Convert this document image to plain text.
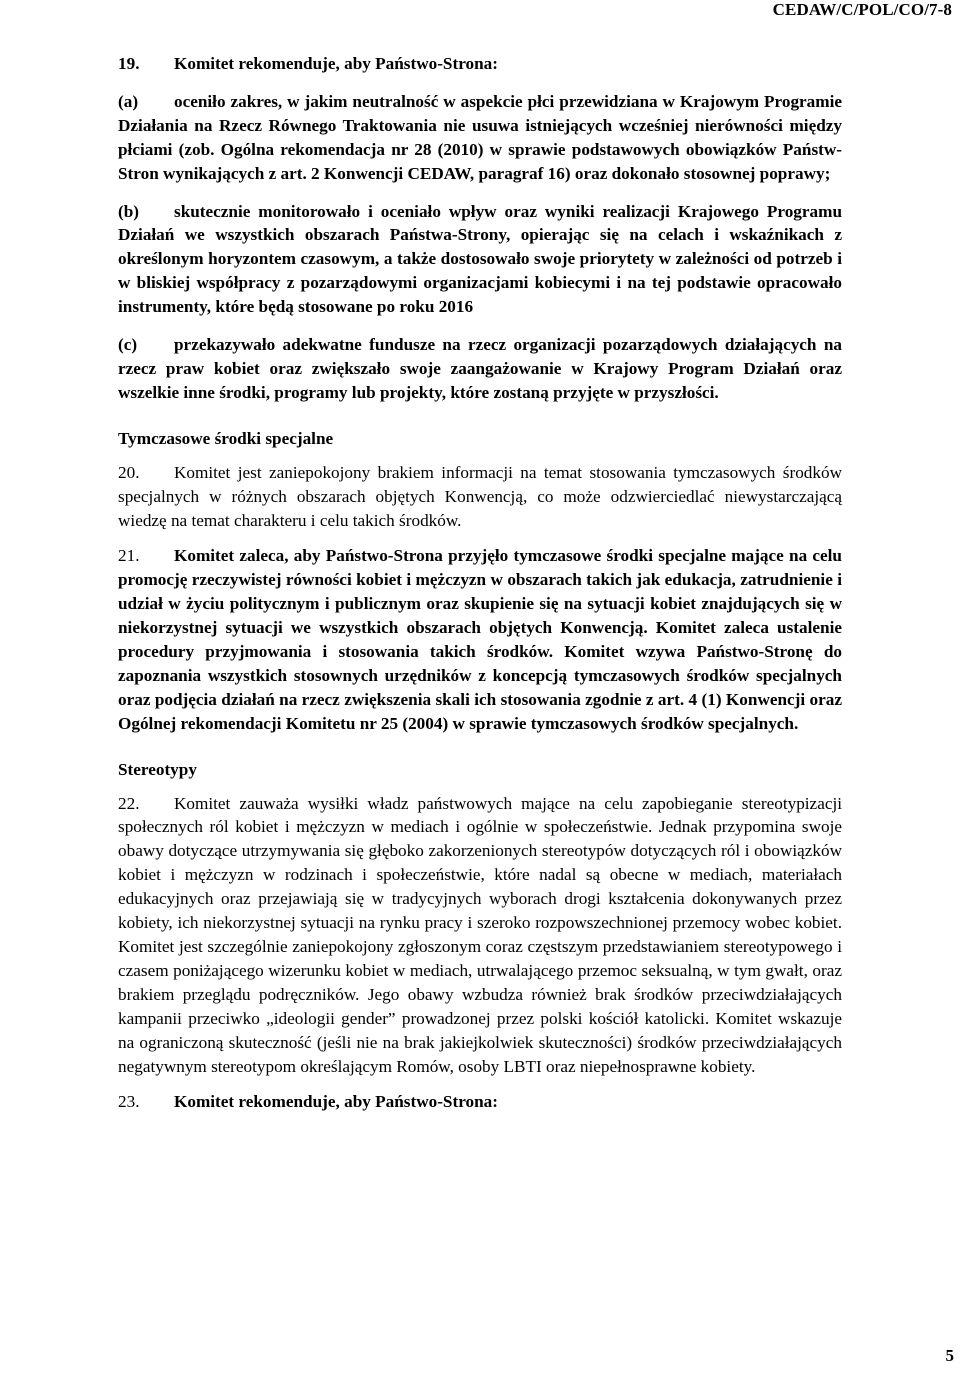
CEDAW/C/POL/CO/7-8

19. Komitet rekomenduje, aby Państwo-Strona:

(a) oceniło zakres, w jakim neutralność w aspekcie płci przewidziana w Krajowym Programie Działania na Rzecz Równego Traktowania nie usuwa istniejących wcześniej nierówności między płciami (zob. Ogólna rekomendacja nr 28 (2010) w sprawie podstawowych obowiązków Państw-Stron wynikających z art. 2 Konwencji CEDAW, paragraf 16) oraz dokonało stosownej poprawy;

(b) skutecznie monitorowało i oceniało wpływ oraz wyniki realizacji Krajowego Programu Działań we wszystkich obszarach Państwa-Strony, opierając się na celach i wskaźnikach z określonym horyzontem czasowym, a także dostosowało swoje priorytety w zależności od potrzeb i w bliskiej współpracy z pozarządowymi organizacjami kobiecymi i na tej podstawie opracowało instrumenty, które będą stosowane po roku 2016

(c) przekazywało adekwatne fundusze na rzecz organizacji pozarządowych działających na rzecz praw kobiet oraz zwiększało swoje zaangażowanie w Krajowy Program Działań oraz wszelkie inne środki, programy lub projekty, które zostaną przyjęte w przyszłości.

Tymczasowe środki specjalne

20. Komitet jest zaniepokojony brakiem informacji na temat stosowania tymczasowych środków specjalnych w różnych obszarach objętych Konwencją, co może odzwierciedlać niewystarczającą wiedzę na temat charakteru i celu takich środków.

21. Komitet zaleca, aby Państwo-Strona przyjęło tymczasowe środki specjalne mające na celu promocję rzeczywistej równości kobiet i mężczyzn w obszarach takich jak edukacja, zatrudnienie i udział w życiu politycznym i publicznym oraz skupienie się na sytuacji kobiet znajdujących się w niekorzystnej sytuacji we wszystkich obszarach objętych Konwencją. Komitet zaleca ustalenie procedury przyjmowania i stosowania takich środków. Komitet wzywa Państwo-Stronę do zapoznania wszystkich stosownych urzędników z koncepcją tymczasowych środków specjalnych oraz podjęcia działań na rzecz zwiększenia skali ich stosowania zgodnie z art. 4 (1) Konwencji oraz Ogólnej rekomendacji Komitetu nr 25 (2004) w sprawie tymczasowych środków specjalnych.

Stereotypy

22. Komitet zauważa wysiłki władz państwowych mające na celu zapobieganie stereotypizacji społecznych ról kobiet i mężczyzn w mediach i ogólnie w społeczeństwie. Jednak przypomina swoje obawy dotyczące utrzymywania się głęboko zakorzenionych stereotypów dotyczących ról i obowiązków kobiet i mężczyzn w rodzinach i społeczeństwie, które nadal są obecne w mediach, materiałach edukacyjnych oraz przejawiają się w tradycyjnych wyborach drogi kształcenia dokonywanych przez kobiety, ich niekorzystnej sytuacji na rynku pracy i szeroko rozpowszechnionej przemocy wobec kobiet. Komitet jest szczególnie zaniepokojony zgłoszonym coraz częstszym przedstawianiem stereotypowego i czasem poniżającego wizerunku kobiet w mediach, utrwalającego przemoc seksualną, w tym gwałt, oraz brakiem przeglądu podręczników. Jego obawy wzbudza również brak środków przeciwdziałających kampanii przeciwko „ideologii gender” prowadzonej przez polski kościół katolicki. Komitet wskazuje na ograniczoną skuteczność (jeśli nie na brak jakiejkolwiek skuteczności) środków przeciwdziałających negatywnym stereotypom określającym Romów, osoby LBTI oraz niepełnosprawne kobiety.

23. Komitet rekomenduje, aby Państwo-Strona:

5
